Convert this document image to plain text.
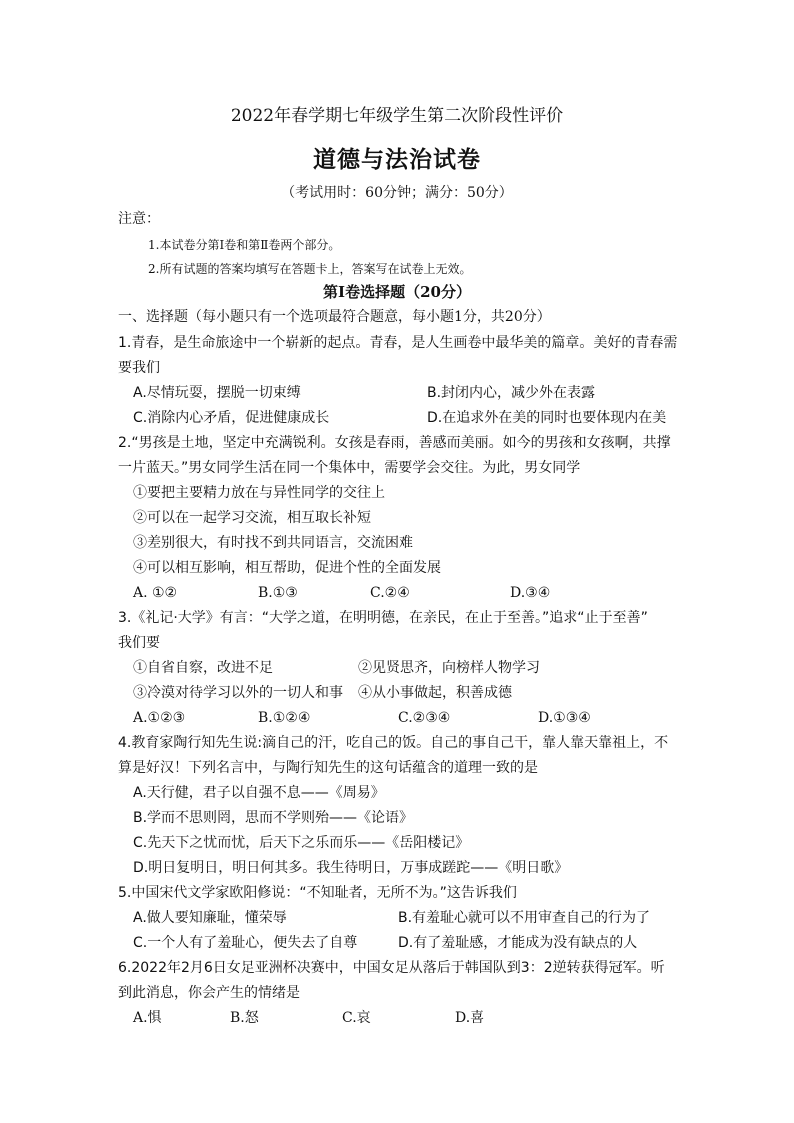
2022年春学期七年级学生第二次阶段性评价
道德与法治试卷
（考试用时：60分钟；满分：50分）
注意：
1.本试卷分第Ⅰ卷和第Ⅱ卷两个部分。
2.所有试题的答案均填写在答题卡上，答案写在试卷上无效。
第Ⅰ卷选择题（20分）
一、选择题（每小题只有一个选项最符合题意，每小题1分，共20分）
1.青春，是生命旅途中一个崭新的起点。青春，是人生画卷中最华美的篇章。美好的青春需
要我们
A.尽情玩耍，摆脱一切束缚	B.封闭内心，减少外在表露
C.消除内心矛盾，促进健康成长	D.在追求外在美的同时也要体现内在美
2.“男孩是土地，坚定中充满锐利。女孩是春雨，善感而美丽。如今的男孩和女孩啊，共撑
一片蓝天。”男女同学生活在同一个集体中，需要学会交往。为此，男女同学
①要把主要精力放在与异性同学的交往上
②可以在一起学习交流，相互取长补短
③差别很大，有时找不到共同语言，交流困难
④可以相互影响，相互帮助，促进个性的全面发展
A. ①②	B.①③	C.②④	D.③④
3.《礼记·大学》有言：“大学之道，在明明德，在亲民，在止于至善。”追求“止于至善”
我们要
①自省自察，改进不足	②见贤思齐，向榜样人物学习
③冷漠对待学习以外的一切人和事 ④从小事做起，积善成德
A.①②③	B.①②④	C.②③④	D.①③④
4.教育家陶行知先生说:滴自己的汗，吃自己的饭。自己的事自己干，靠人靠天靠祖上，不
算是好汉！下列名言中，与陶行知先生的这句话蕴含的道理一致的是
A.天行健，君子以自强不息——《周易》
B.学而不思则罔，思而不学则殆——《论语》
C.先天下之忧而忧，后天下之乐而乐——《岳阳楼记》
D.明日复明日，明日何其多。我生待明日，万事成蹉跎——《明日歌》
5.中国宋代文学家欧阳修说：“不知耻者，无所不为。”这告诉我们
A.做人要知廉耻，懂荣辱	B.有羞耻心就可以不用审查自己的行为了
C.一个人有了羞耻心，便失去了自尊	D.有了羞耻感，才能成为没有缺点的人
6.2022年2月6日女足亚洲杯决赛中，中国女足从落后于韩国队到3：2逆转获得冠军。听
到此消息，你会产生的情绪是
A.惧	B.怒	C.哀	D.喜
